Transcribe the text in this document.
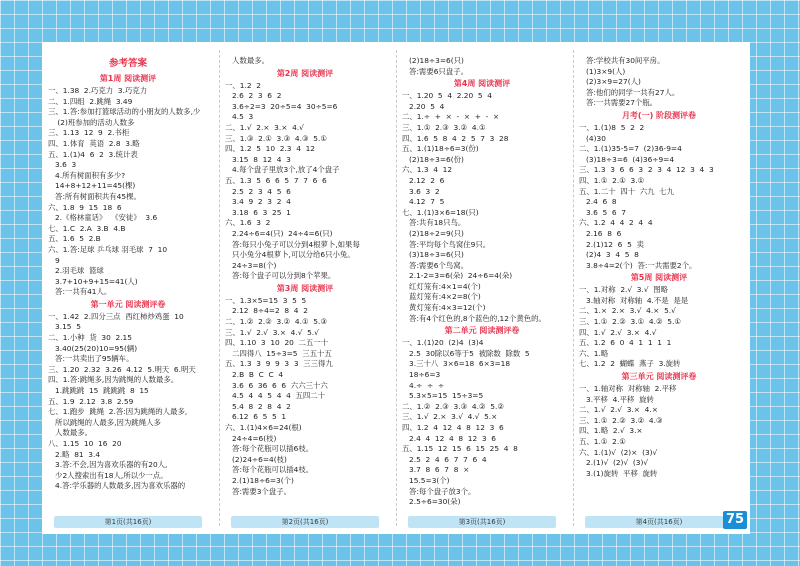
参考答案
第1周 阅读测评
一、1.38  2.巧克力  3.巧克力
二、1.四组  2.跳绳  3.49
三、1.答:参加打篮球活动的小朋友的人数多,少
(2)班参加的活动人数多
三、1.13  12  9  2.书柜
四、1.体育  英语  2.8  3.略
五、1.(1)4  6  2  3.统计表
3.6  3
4.所有树面积有多少?
14+8+12+11=45(棵)
答:所有树面积共有45棵。
六、1.8  9  15  18  6
2.《格林童话》  《安徒》  3.6
七、1.C  2.A  3.B  4.B
五、1.6  5  2.B
六、1.答:足球 乒乓球 羽毛球  7  10
9
2.羽毛球  篮球
3.7+10+9+15=41(人)
答:一共有41人。
第一单元 阅读测评卷
一、1.42  2.四分三点  西红柿炒鸡蛋  10
3.15  5
二、1.小种  货  30  2.15
3.40(25(20)10=95(辆)
答:一共卖出了95辆车。
三、1.20  2.32  3.26  4.12  5.明天  6.明天
四、1.答:跳绳多,因为跳绳的人数最多。
1.跳跳跳  15  跳跳跳  8  15
五、1.9  2.12  3.8  2.59
七、1.跑步  跳绳  2.答:因为跳绳的人最多,
所以跳绳的人最多,因为跳绳人多
人数最多。
八、1.15  10  16  20
2.略  81  3.4
3.答:不会,因为喜欢乐器的有20人,
少2人搜索出有18人,所以少一点。
4.答:学乐器的人数最多,因为喜欢乐器的
第1页(共16页)
人数最多。
第2周 阅读测评
一、1.2  2
2.6  2  3  6  2
3.6÷2=3  20÷5=4  30÷5=6
4.5  3
二、1.√  2.×  3.×  4.√
三、1.③  2.①  3.③  4.③  5.①
四、1.2  5  10  2.3  4  12
3.15  8  12  4  3
4.每个盘子里放3个,放了4个盘子
五、1.3  5  6  6  5  7  7  6  6
2.5  2  3  4  5  6
3.4  9  2  3  2  4
3.18  6  3  25  1
六、1.6  3  2
2.24÷6=4(只)  24÷4=6(只)
答:每只小兔子可以分到4根萝卜,如果每
只小兔分4根萝卜,可以分给6只小兔。
24÷3=8(个)
答:每个盘子可以分到8个苹果。
第3周 阅读测评
一、1.3×5=15  3  5  5
2.12  8÷4=2  8  4  2
二、1.②  2.②  3.②  4.①  5.③
三、1.√  2.√  3.×  4.√  5.√
四、1.10  3  10  20  二五一十
二四得八  15÷3=5  三五十五
五、1.3  3  9  9  3  3  三三得九
2.B  B  C  C  4
3.6  6  36  6  6  六六三十六
4.5  4  4  5  4  4  五四二十
5.4  8  2  8  4  2
6.12  6  5  5  1
六、1.(1)4×6=24(根)
24÷4=6(枝)
答:每个花瓶可以插6枝。
(2)24÷6=4(枝)
答:每个花瓶可以插4枝。
2.(1)18÷6=3(个)
答:需要3个盘子。
第2页(共16页)
(2)18÷3=6(只)
答:需要6只盘子。
第4周 阅读测评
一、1.20  5  4  2.20  5  4
2.20  5  4
二、1.÷  +  ×  -  ×  +  -  ×
三、1.①  2.③  3.②  4.①
四、1.6  5  8  4  2  5  7  3  28
五、1.(1)18÷6=3(份)
(2)18÷3=6(份)
六、1.3  4  12
2.12  2  6
3.6  3  2
4.12  7  5
七、1.(1)3×6=18(只)
答:共有18只鸟。
(2)18÷2=9(只)
答:平均每个鸟窝住9只。
(3)18÷3=6(只)
答:需要6个鸟窝。
2.1-2=3=6(朵)  24÷6=4(朵)
红灯笼有:4×1=4(个)
蓝灯笼有:4×2=8(个)
黄灯笼有:4×3=12(个)
答:有4个红色的,8个蓝色的,12个黄色的。
第二单元 阅读测评卷
一、1.(1)20  (2)4  (3)4
2.5  30除以6等于5  被除数  除数  5
3.三十八  3×6=18  6×3=18
18÷6=3
4.÷  ÷  ÷
5.3×5=15  15÷3=5
二、1.②  2.③  3.③  4.②  5.②
三、1.√  2.×  3.√  4.√  5.×
四、1.2  4  12  4  8  12  3  6
2.4  4  12  4  8  12  3  6
五、1.15  12  15  6  15  25  4  8
2.5  2  4  6  7  7  6  4
3.7  8  6  7  8  ×
15.5=3(个)
答:每个盘子放3个。
2.5÷6=30(朵)
第3页(共16页)
答:学校共有30间平房。
(1)3×9(人)
(2)3×9=27(人)
答:他们的同学一共有27人。
答:一共需要27个瓶。
月考(一) 阶段测评卷
一、1.(1)8  5  2  2
(4)30
二、1.(1)35-5=7  (2)36-9=4
(3)18÷3=6  (4)36÷9=4
三、1.3  3  6  6  3  2  3  4  12  3  4  3
四、1.①  2.①  3.①
五、1.二十  四十  六九  七九
2.4  6  8
3.6  5  6  7
六、1.2  4  4  2  4  4
2.16  8  6
2.(1)12  6  5  卖
(2)4  3  4  5  8
3.8÷4=2(个)  答:一共需要2个。
第5周 阅读测评
一、1.对称  2.√  3.√  图略
3.轴对称  对称轴  4.不是  是是
二、1.×  2.×  3.√  4.×  5.√
三、1.①  2.②  3.①  4.②  5.①
四、1.√  2.√  3.×  4.√
五、1.2  6  0  4  1  1  1  1
六、1.略
七、1.2  2  蝴蝶  燕子  3.旋转
第三单元 阅读测评卷
一、1.轴对称  对称轴  2.平移
3.平移  4.平移  旋转
二、1.√  2.√  3.×  4.×
三、1.①  2.②  3.②  4.③
四、1.略  2.√  3.×
五、1.①  2.①
六、1.(1)√  (2)×  (3)√
2.(1)√  (2)√  (3)√
3.(1)旋转  平移  旋转
第4页(共16页)	75
